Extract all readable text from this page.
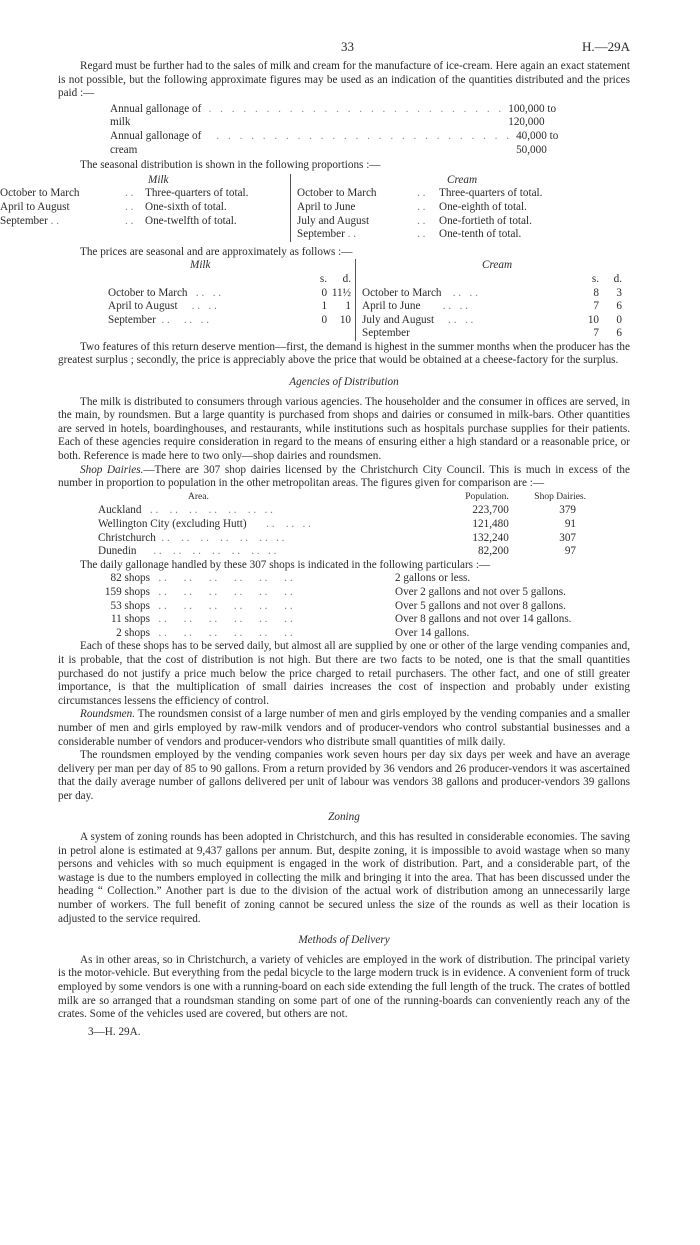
33	H.—29A

Regard must be further had to the sales of milk and cream for the manufacture of ice-cream. Here again an exact statement is not possible, but the following approximate figures may be used as an indication of the quantities distributed and the prices paid :—

Annual gallonage of milk
. . . . . . . . . . . . . . . . . . . . . . . . . . 100,000 to 120,000
Annual gallonage of cream
. . . . . . . . . . . . . . . . . . . . . . . . . . 40,000 to 50,000

The seasonal distribution is shown in the following proportions :—

Milk
October to March	. .	Three-quarters of total.
April to August	. .	One-sixth of total.
September . .	. .	One-twelfth of total.
Cream
October to March	. .	Three-quarters of total.
April to June	. .	One-eighth of total.
July and August	. .	One-fortieth of total.
September . .	. .	One-tenth of total.

The prices are seasonal and are approximately as follows :—

Milk
	s.	d.
October to March   . .   . .	0	11½
April to August     . .   . .	1	1
September  . .     . .   . .	0	10
Cream
	s.	d.
October to March    . .   . .	8	3
April to June        . .   . .	7	6
July and August     . .   . .	10	0
September	7	6

Two features of this return deserve mention—first, the demand is highest in the summer months when the producer has the greatest surplus ; secondly, the price is appreciably above the price that would be obtained at a cheese-factory for the surplus.

Agencies of Distribution

The milk is distributed to consumers through various agencies. The householder and the consumer in offices are served, in the main, by roundsmen. But a large quantity is purchased from shops and dairies or consumed in milk-bars. Other quantities are served in hotels, boardinghouses, and restaurants, while institutions such as hospitals purchase supplies for their patients. Each of these agencies require consideration in regard to the means of ensuring either a high standard or a reasonable price, or both. Reference is made here to two only—shop dairies and roundsmen.

Shop Dairies.—There are 307 shop dairies licensed by the Christchurch City Council. This is much in excess of the number in proportion to population in the other metropolitan areas. The figures given for comparison are :—

Area.	Population.	Shop Dairies.
Auckland   . .    . .    . .    . .    . .    . .   . .	223,700	379
Wellington City (excluding Hutt)       . .    . .   . .	121,480	91
Christchurch  . .    . .    . .    . .    . .    . .   . .	132,240	307
Dunedin      . .    . .    . .    . .    . .    . .   . .	82,200	97

The daily gallonage handled by these 307 shops is indicated in the following particulars :—

82 shops	. .      . .      . .      . .      . .      . .	2 gallons or less.
159 shops	. .      . .      . .      . .      . .      . .	Over 2 gallons and not over 5 gallons.
53 shops	. .      . .      . .      . .      . .      . .	Over 5 gallons and not over 8 gallons.
11 shops	. .      . .      . .      . .      . .      . .	Over 8 gallons and not over 14 gallons.
2 shops	. .      . .      . .      . .      . .      . .	Over 14 gallons.

Each of these shops has to be served daily, but almost all are supplied by one or other of the large vending companies and, it is probable, that the cost of distribution is not high. But there are two facts to be noted, one is that the small quantities purchased do not justify a price much below the price charged to retail purchasers. The other fact, and one of still greater importance, is that the multiplication of small dairies increases the cost of inspection and probably under existing circumstances lessens the efficiency of control.

Roundsmen. The roundsmen consist of a large number of men and girls employed by the vending companies and a smaller number of men and girls employed by raw-milk vendors and of producer-vendors who control substantial businesses and a considerable number of vendors and producer-vendors who distribute small quantities of milk daily.

The roundsmen employed by the vending companies work seven hours per day six days per week and have an average delivery per man per day of 85 to 90 gallons. From a return provided by 36 vendors and 26 producer-vendors it was ascertained that the daily average number of gallons delivered per unit of labour was vendors 38 gallons and producer-vendors 39 gallons per day.

Zoning

A system of zoning rounds has been adopted in Christchurch, and this has resulted in considerable economies. The saving in petrol alone is estimated at 9,437 gallons per annum. But, despite zoning, it is impossible to avoid wastage when so many persons and vehicles with so much equipment is engaged in the work of distribution. Part, and a considerable part, of the wastage is due to the numbers employed in collecting the milk and bringing it into the area. That has been discussed under the heading “ Collection.” Another part is due to the division of the actual work of distribution among an unnecessarily large number of workers. The full benefit of zoning cannot be secured unless the size of the rounds as well as their location is adjusted to the service required.

Methods of Delivery

As in other areas, so in Christchurch, a variety of vehicles are employed in the work of distribution. The principal variety is the motor-vehicle. But everything from the pedal bicycle to the large modern truck is in evidence. A convenient form of truck employed by some vendors is one with a running-board on each side extending the full length of the truck. The crates of bottled milk are so arranged that a roundsman standing on some part of one of the running-boards can conveniently reach any of the crates. Some of the vehicles used are covered, but others are not.

3—H. 29A.
